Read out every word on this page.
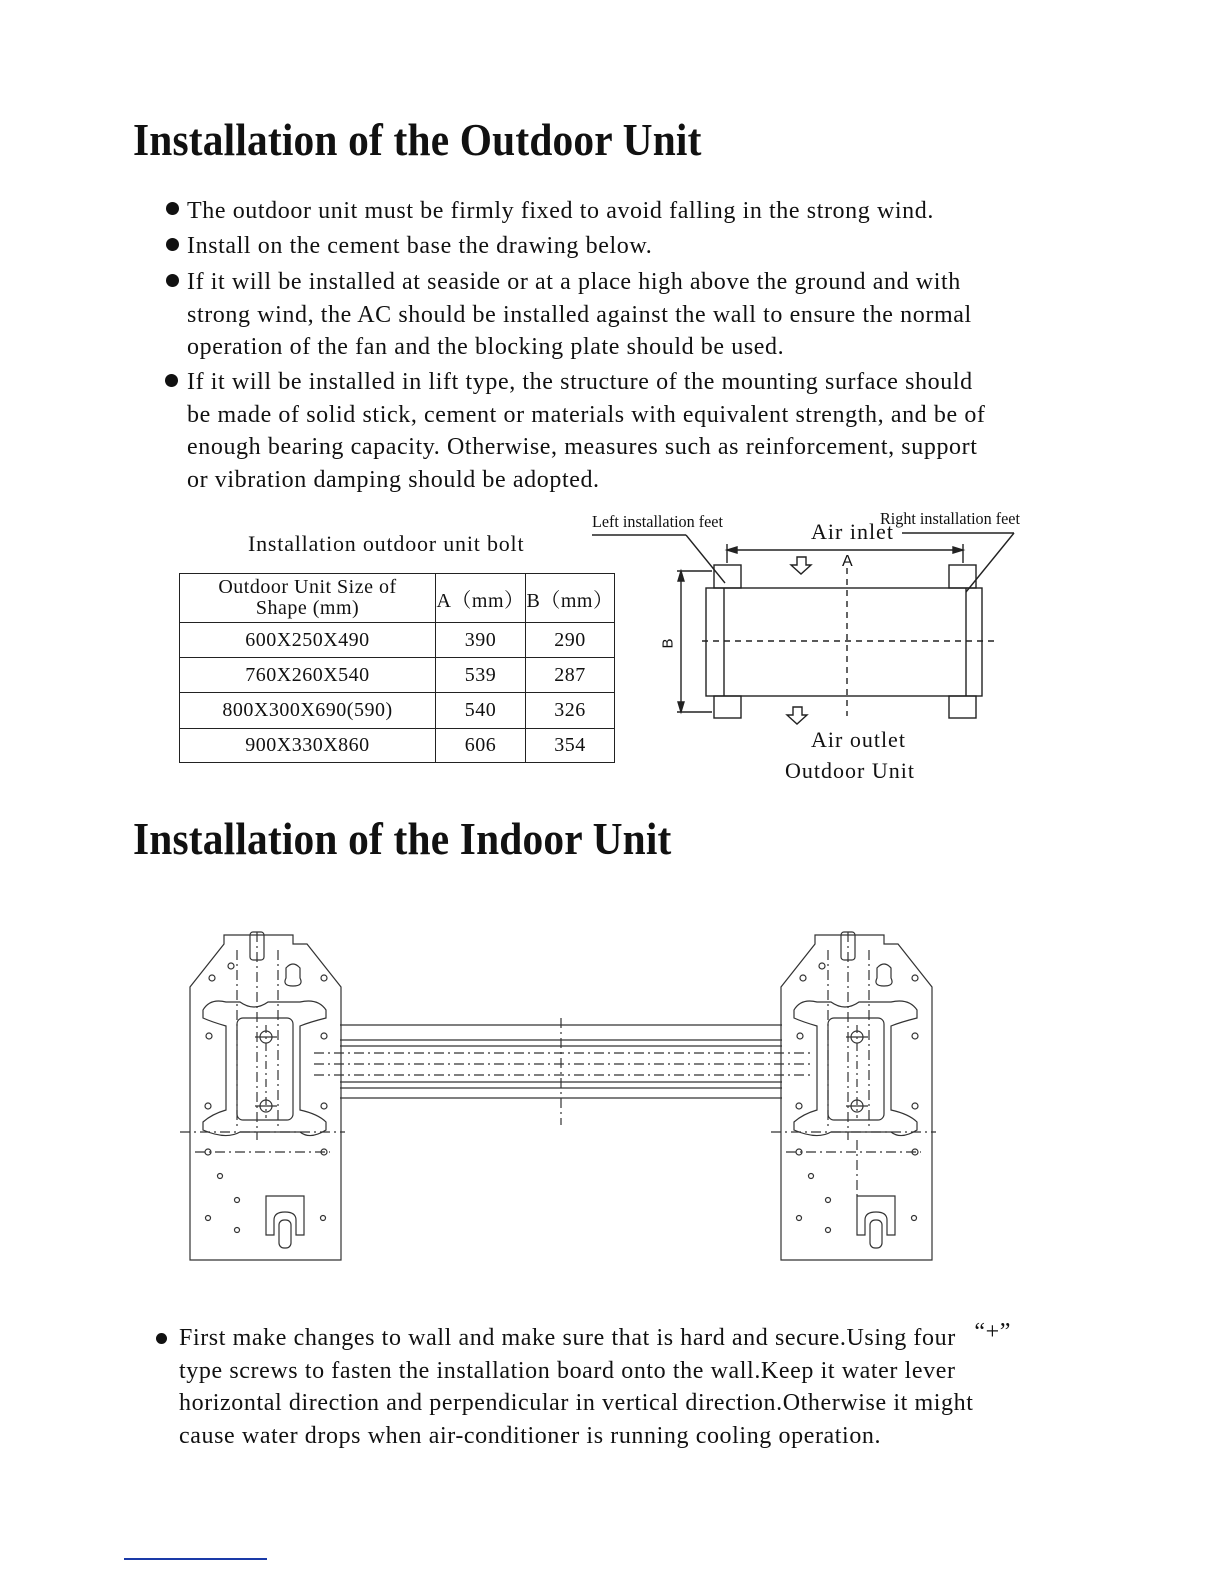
Installation of the Outdoor Unit
The outdoor unit must be firmly fixed to avoid falling in the strong wind.
Install on the cement base the drawing below.
If it will be installed at seaside or at a place high above the ground and with
strong wind, the AC should be installed against the wall to ensure the normal
operation of the fan and the blocking plate should be used.
If it will be installed in lift type, the structure of the mounting surface should
be made of solid stick, cement or materials with equivalent strength, and be of
enough bearing capacity. Otherwise, measures such as reinforcement, support
or vibration damping should be adopted.
Installation outdoor unit bolt
Outdoor Unit Size of
Shape (mm)	A（mm）	B（mm）
600X250X490	390	290
760X260X540	539	287
800X300X690(590)	540	326
900X330X860	606	354
Left installation feet	Right installation feet
Air inlet
A
B
Air outlet
Outdoor Unit
Installation of the Indoor Unit
First make changes to wall and make sure that is hard and secure.Using four “+”
type screws to fasten the installation board onto the wall.Keep it water lever
horizontal direction and perpendicular in vertical direction.Otherwise it might
cause water drops when air-conditioner is running cooling operation.
